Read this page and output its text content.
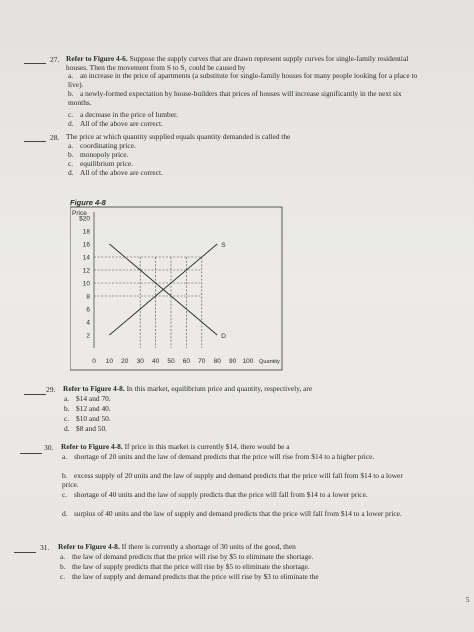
27. Refer to Figure 4-6. Suppose the supply curves that are drawn represent supply curves for single-family residential houses. Then the movement from S to S₁ could be caused by
a. an increase in the price of apartments (a substitute for single-family houses for many people looking for a place to live).
b. a newly-formed expectation by house-builders that prices of houses will increase significantly in the next six months.
c. a decrease in the price of lumber.
d. All of the above are correct.
28. The price at which quantity supplied equals quantity demanded is called the
a. coordinating price.
b. monopoly price.
c. equilibrium price.
d. All of the above are correct.
Figure 4-8
Price
$20
18
16
14
12
10
8
6
4
2
S
D
0 10 20 30 40 50 60 70 80 90 100 Quantity
29. Refer to Figure 4-8. In this market, equilibrium price and quantity, respectively, are
a. $14 and 70.
b. $12 and 40.
c. $10 and 50.
d. $8 and 50.
30. Refer to Figure 4-8. If price in this market is currently $14, there would be a
a. shortage of 20 units and the law of demand predicts that the price will rise from $14 to a higher price.
b. excess supply of 20 units and the law of supply and demand predicts that the price will fall from $14 to a lower price.
c. shortage of 40 units and the law of supply predicts that the price will fall from $14 to a lower price.
d. surplus of 40 units and the law of supply and demand predicts that the price will fall from $14 to a lower price.
31. Refer to Figure 4-8. If there is currently a shortage of 30 units of the good, then
a. the law of demand predicts that the price will rise by $5 to eliminate the shortage.
b. the law of supply predicts that the price will rise by $5 to eliminate the shortage.
c. the law of supply and demand predicts that the price will rise by $3 to eliminate the
5
